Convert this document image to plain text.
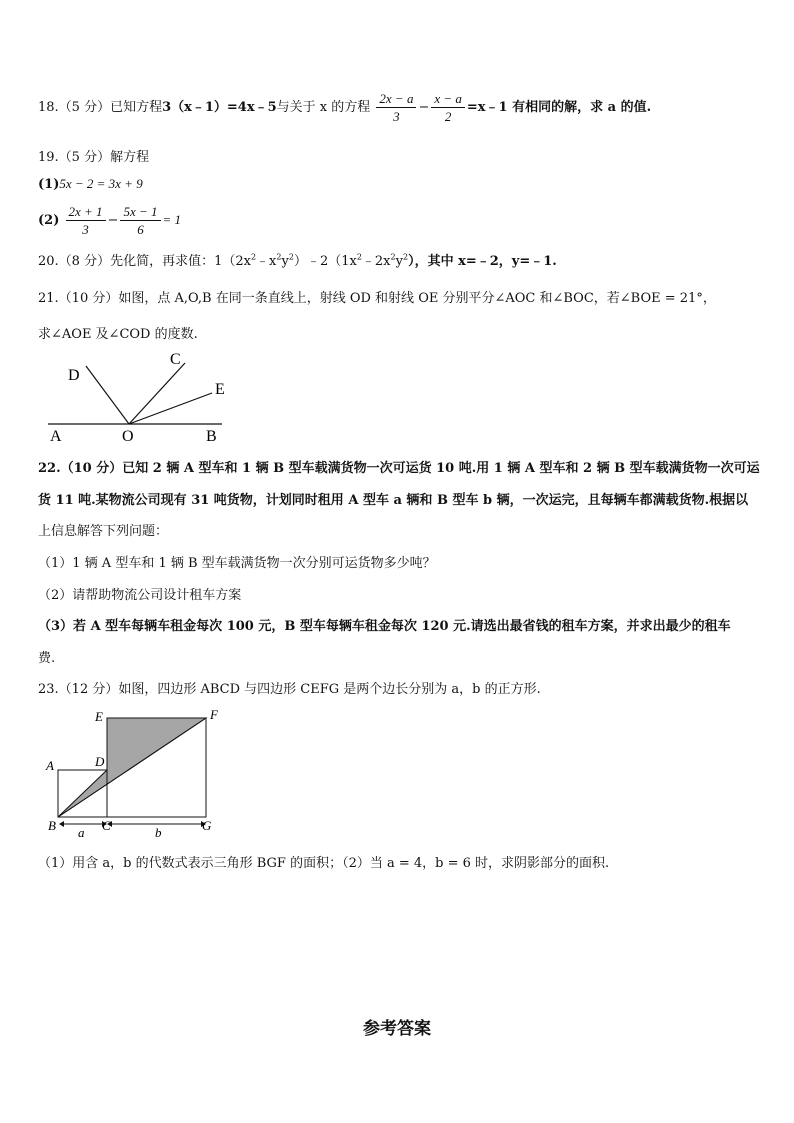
18.（5 分）已知方程3（x﹣1）=4x﹣5与关于 x 的方程 $\frac{2x - a}{3} - \frac{x - a}{2}$ =x﹣1 有相同的解，求 a 的值.
19.（5 分）解方程
(1)5x − 2 = 3x + 9
$(2) \frac{2x + 1}{3} - \frac{5x - 1}{6} = 1$
20.（8 分）先化简，再求值：$1(2x^2﹣x^2y^2)﹣2(1x^2﹣2x^2y^2)$，其中 x=﹣2，y=﹣1.
21.（10 分）如图，点 A,O,B 在同一条直线上，射线 OD 和射线 OE 分别平分∠AOC 和∠BOC，若∠BOE = 21°，
求∠AOE 及∠COD 的度数.
D
C
E
A	O	B
22.（10 分）已知 2 辆 A 型车和 1 辆 B 型车载满货物一次可运货 10 吨.用 1 辆 A 型车和 2 辆 B 型车载满货物一次可运
货 11 吨.某物流公司现有 31 吨货物，计划同时租用 A 型车 a 辆和 B 型车 b 辆，一次运完，且每辆车都满载货物.根据以
上信息解答下列问题：
（1）1 辆 A 型车和 1 辆 B 型车载满货物一次分别可运货物多少吨？
（2）请帮助物流公司设计租车方案
（3）若 A 型车每辆车租金每次 100 元，B 型车每辆车租金每次 120 元.请选出最省钱的租车方案，并求出最少的租车
费.
23.（12 分）如图，四边形 ABCD 与四边形 CEFG 是两个边长分别为 a，b 的正方形.
E	F
D
A
B	C	G
a	b
（1）用含 a，b 的代数式表示三角形 BGF 的面积；（2）当 a = 4，b = 6 时，求阴影部分的面积.
参考答案
